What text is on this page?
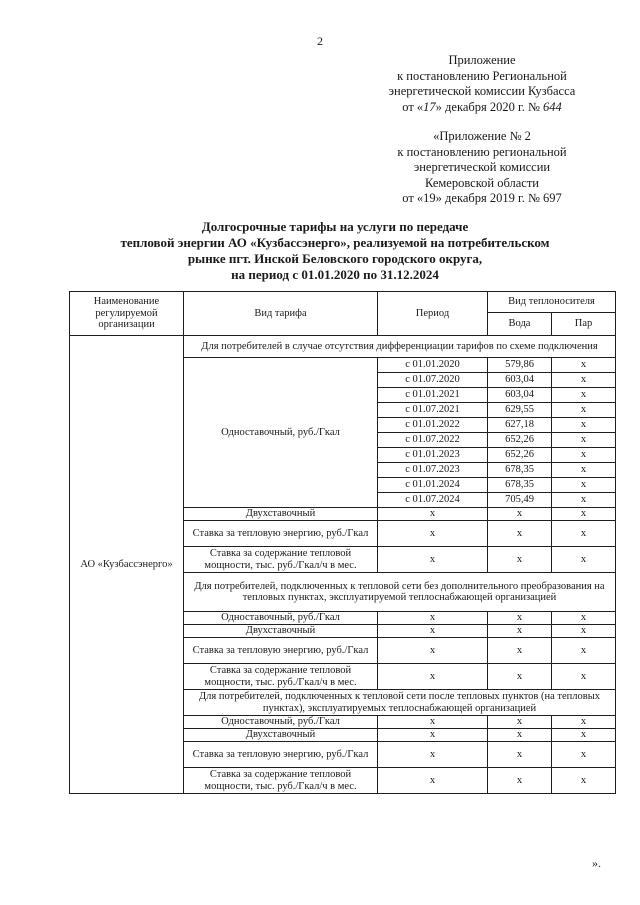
2
Приложение
к постановлению Региональной
энергетической комиссии Кузбасса
от «17» декабря 2020 г. № 644
«Приложение № 2
к постановлению региональной
энергетической комиссии
Кемеровской области
от «19» декабря 2019 г. № 697
Долгосрочные тарифы на услуги по передаче
тепловой энергии АО «Кузбассэнерго», реализуемой на потребительском
рынке пгт. Инской Беловского городского округа,
на период с 01.01.2020 по 31.12.2024
Наименование регулируемой организации	Вид тарифа	Период	Вид теплоносителя	
			Вода	Пар
АО «Кузбассэнерго»	Для потребителей в случае отсутствия дифференциации тарифов по схеме подключения			
	Одноставочный, руб./Гкал	с 01.01.2020	579,86	x
		с 01.07.2020	603,04	x
		с 01.01.2021	603,04	x
		с 01.07.2021	629,55	x
		с 01.01.2022	627,18	x
		с 01.07.2022	652,26	x
		с 01.01.2023	652,26	x
		с 01.07.2023	678,35	x
		с 01.01.2024	678,35	x
		с 01.07.2024	705,49	x
	Двухставочный	x	x	x
	Ставка за тепловую энергию, руб./Гкал	x	x	x
	Ставка за содержание тепловой мощности, тыс. руб./Гкал/ч в мес.	x	x	x
	Для потребителей, подключенных к тепловой сети без дополнительного преобразования на тепловых пунктах, эксплуатируемой теплоснабжающей организацией			
	Одноставочный, руб./Гкал	x	x	x
	Двухставочный	x	x	x
	Ставка за тепловую энергию, руб./Гкал	x	x	x
	Ставка за содержание тепловой мощности, тыс. руб./Гкал/ч в мес.	x	x	x
	Для потребителей, подключенных к тепловой сети после тепловых пунктов (на тепловых пунктах), эксплуатируемых теплоснабжающей организацией			
	Одноставочный, руб./Гкал	x	x	x
	Двухставочный	x	x	x
	Ставка за тепловую энергию, руб./Гкал	x	x	x
	Ставка за содержание тепловой мощности, тыс. руб./Гкал/ч в мес.	x	x	x
».
